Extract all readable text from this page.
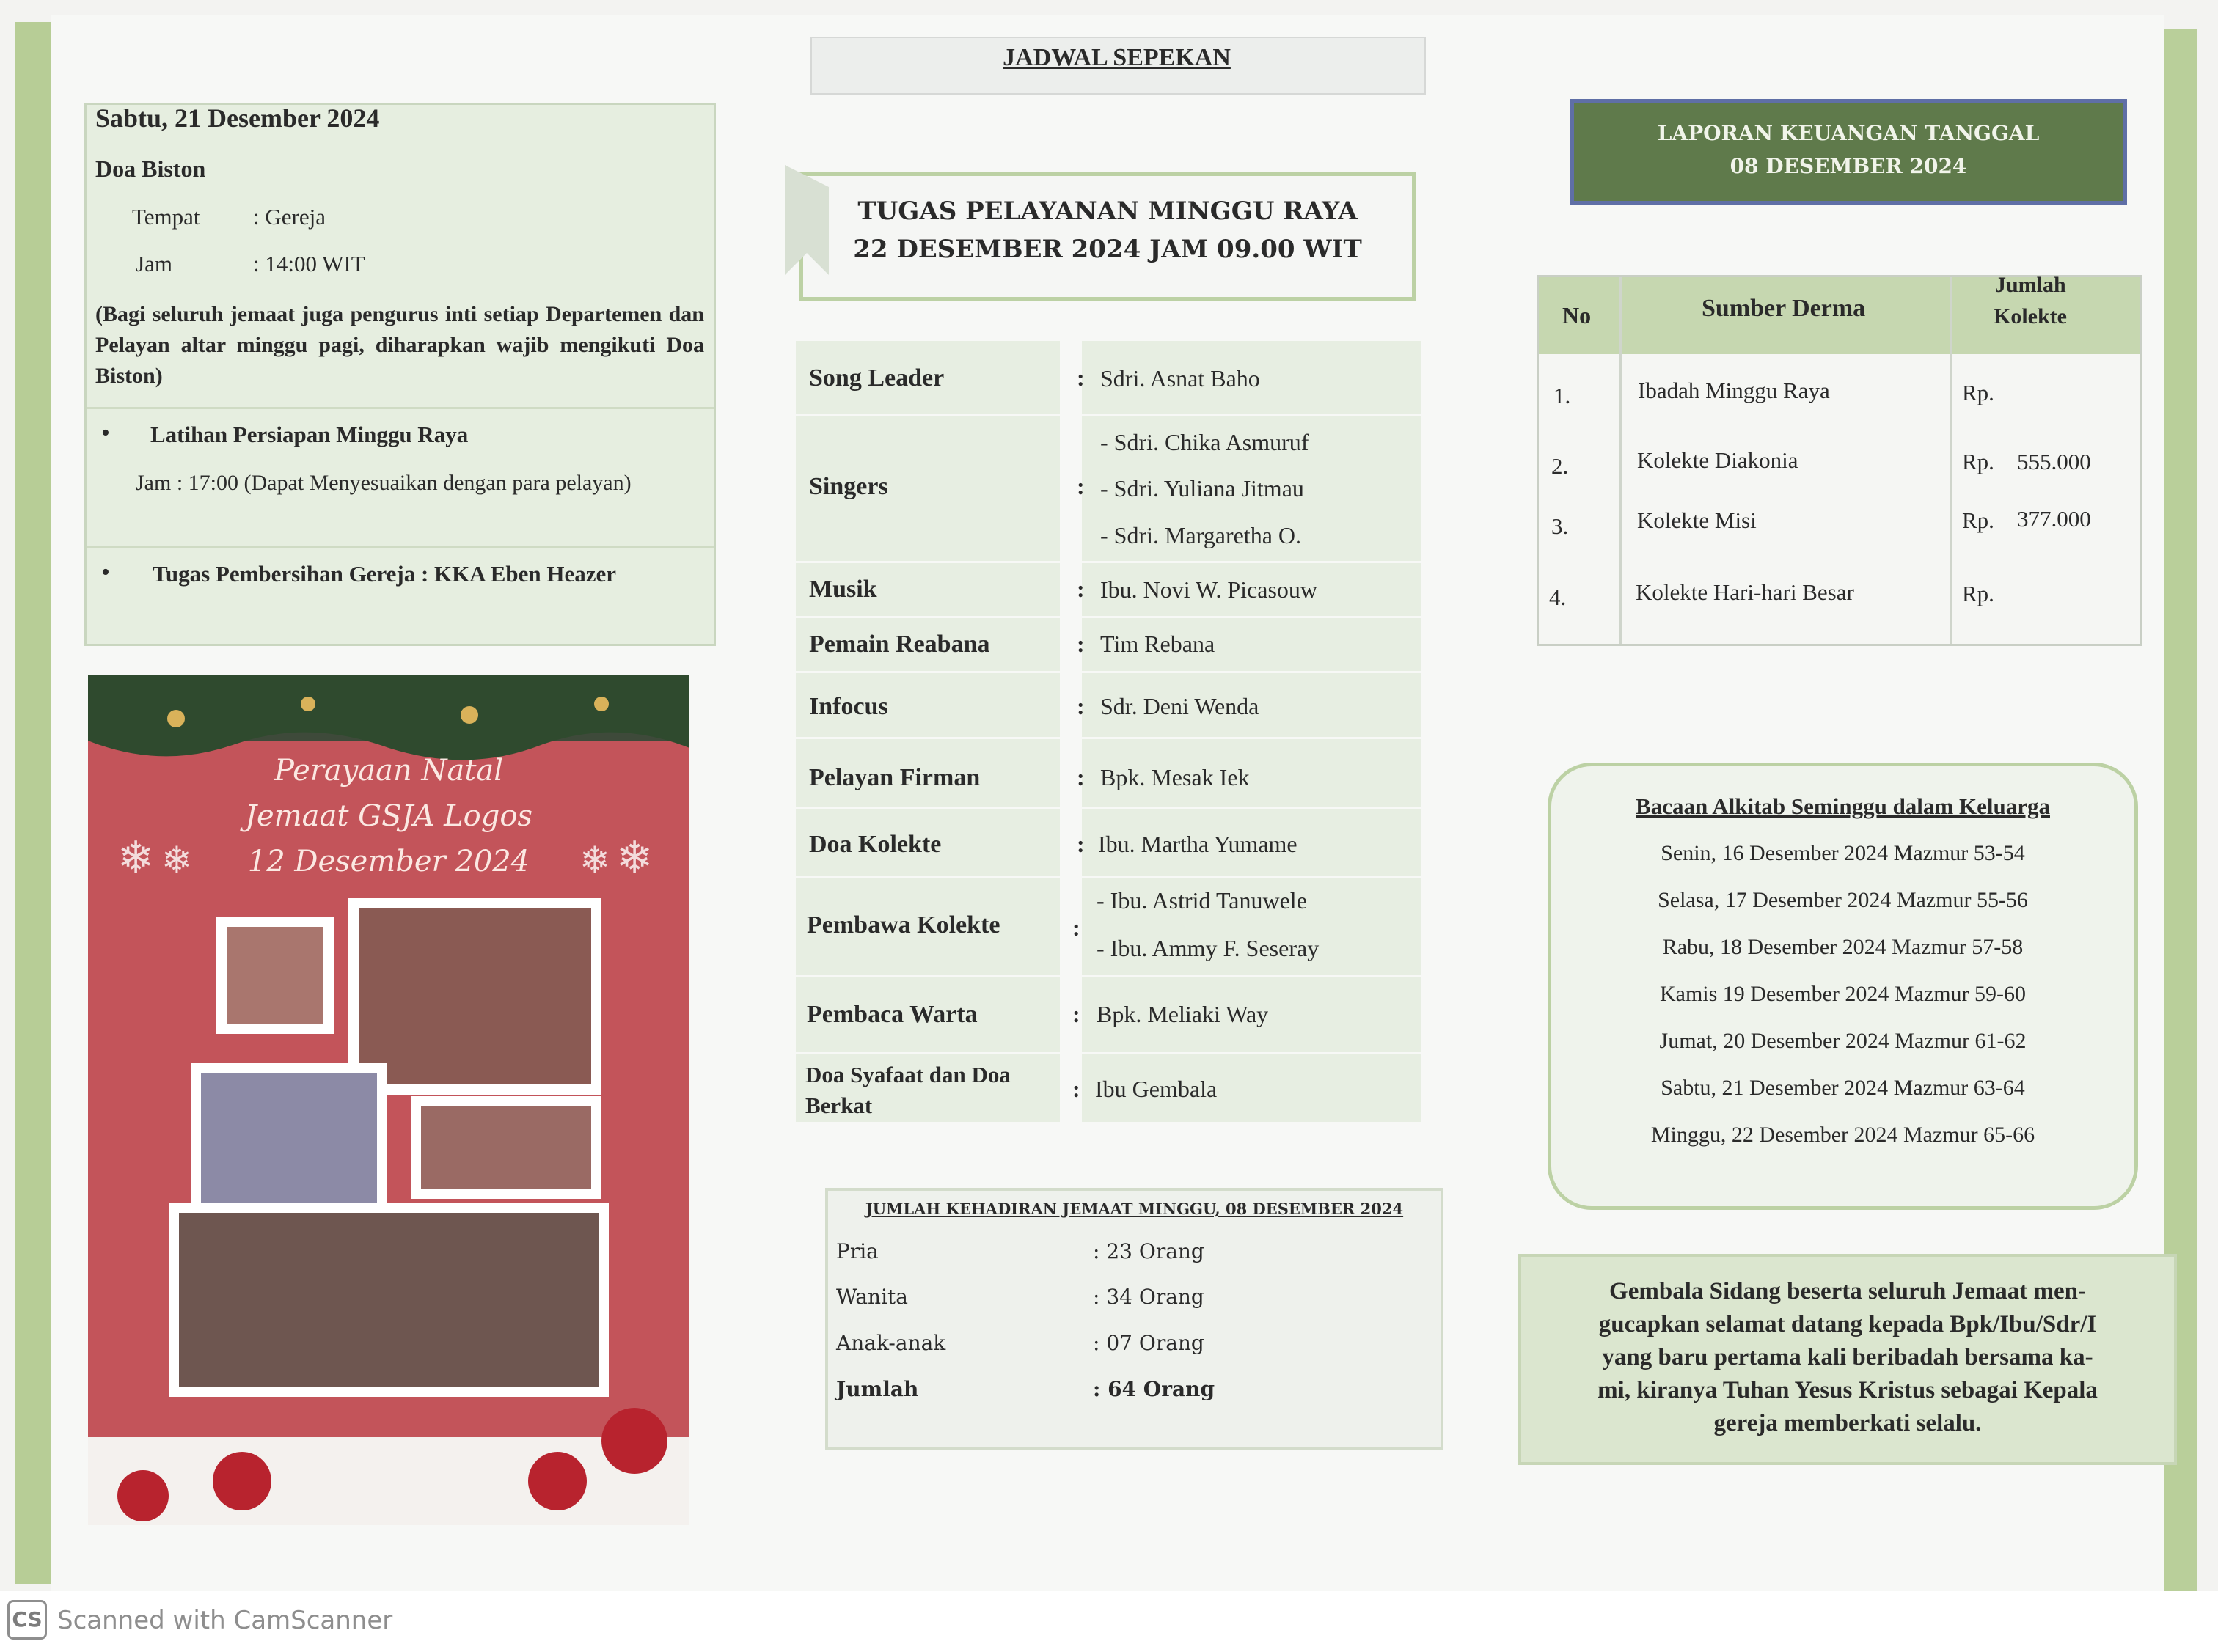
Sabtu, 21 Desember 2024
Doa Biston
Tempat : Gereja
Jam	: 14:00 WIT
(Bagi seluruh jemaat juga pengurus inti setiap Departemen dan Pelayan altar minggu pagi, diharapkan wajib mengikuti Doa Biston)
• Latihan Persiapan Minggu Raya
Jam : 17:00 (Dapat Menyesuaikan dengan para pelayan)
• Tugas Pembersihan Gereja : KKA Eben Heazer
Perayaan Natal
Jemaat GSJA Logos
12 Desember 2024
❄ ❄	❄ ❄
JADWAL SEPEKAN
TUGAS PELAYANAN MINGGU RAYA
22 DESEMBER 2024 JAM 09.00 WIT
Song Leader	: Sdri. Asnat Baho
Singers	:
- Sdri. Chika Asmuruf
- Sdri. Yuliana Jitmau
- Sdri. Margaretha O.
Musik	: Ibu. Novi W. Picasouw
Pemain Reabana	: Tim Rebana
Infocus	: Sdr. Deni Wenda
Pelayan Firman	: Bpk. Mesak Iek
Doa Kolekte	: Ibu. Martha Yumame
Pembawa Kolekte	:
- Ibu. Astrid Tanuwele
- Ibu. Ammy F. Seseray
Pembaca Warta	: Bpk. Meliaki Way
Doa Syafaat dan Doa Berkat
: Ibu Gembala
JUMLAH KEHADIRAN JEMAAT MINGGU, 08 DESEMBER 2024
Pria	: 23 Orang
Wanita	: 34 Orang
Anak-anak	: 07 Orang
Jumlah	: 64 Orang
LAPORAN KEUANGAN TANGGAL
08 DESEMBER 2024
No	Sumber Derma
Jumlah
Kolekte
1.	Ibadah Minggu Raya	Rp.
2.	Kolekte Diakonia	Rp. 555.000
3.	Kolekte Misi	Rp. 377.000
4.	Kolekte Hari-hari Besar	Rp.
Bacaan Alkitab Seminggu dalam Keluarga
Senin, 16 Desember 2024 Mazmur 53-54
Selasa, 17 Desember 2024 Mazmur 55-56
Rabu, 18 Desember 2024 Mazmur 57-58
Kamis 19 Desember 2024 Mazmur 59-60
Jumat, 20 Desember 2024 Mazmur 61-62
Sabtu, 21 Desember 2024 Mazmur 63-64
Minggu, 22 Desember 2024 Mazmur 65-66
Gembala Sidang beserta seluruh Jemaat men-
gucapkan selamat datang kepada Bpk/Ibu/Sdr/I
yang baru pertama kali beribadah bersama ka-
mi, kiranya Tuhan Yesus Kristus sebagai Kepala
gereja memberkati selalu.
CS Scanned with CamScanner
